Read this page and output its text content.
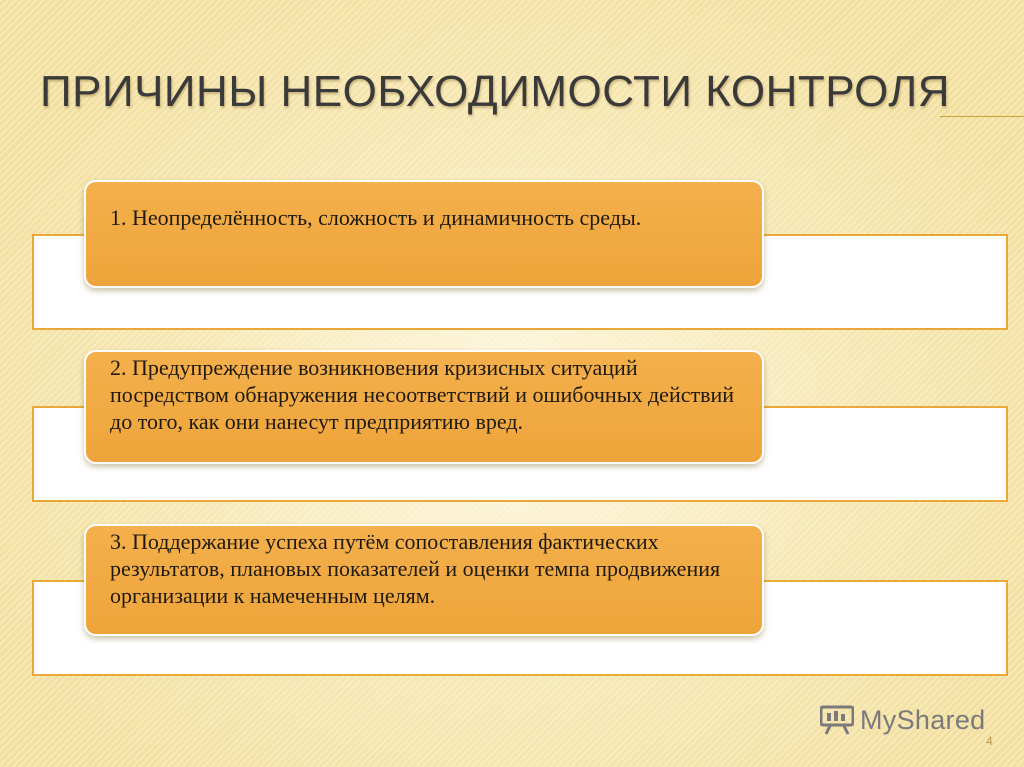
ПРИЧИНЫ НЕОБХОДИМОСТИ КОНТРОЛЯ
1. Неопределённость, сложность и динамичность среды.
2. Предупреждение возникновения кризисных ситуаций посредством обнаружения несоответствий и ошибочных действий до того, как они нанесут предприятию вред.
3. Поддержание успеха путём сопоставления фактических результатов, плановых показателей и оценки темпа продвижения организации к намеченным целям.
MyShared
4
